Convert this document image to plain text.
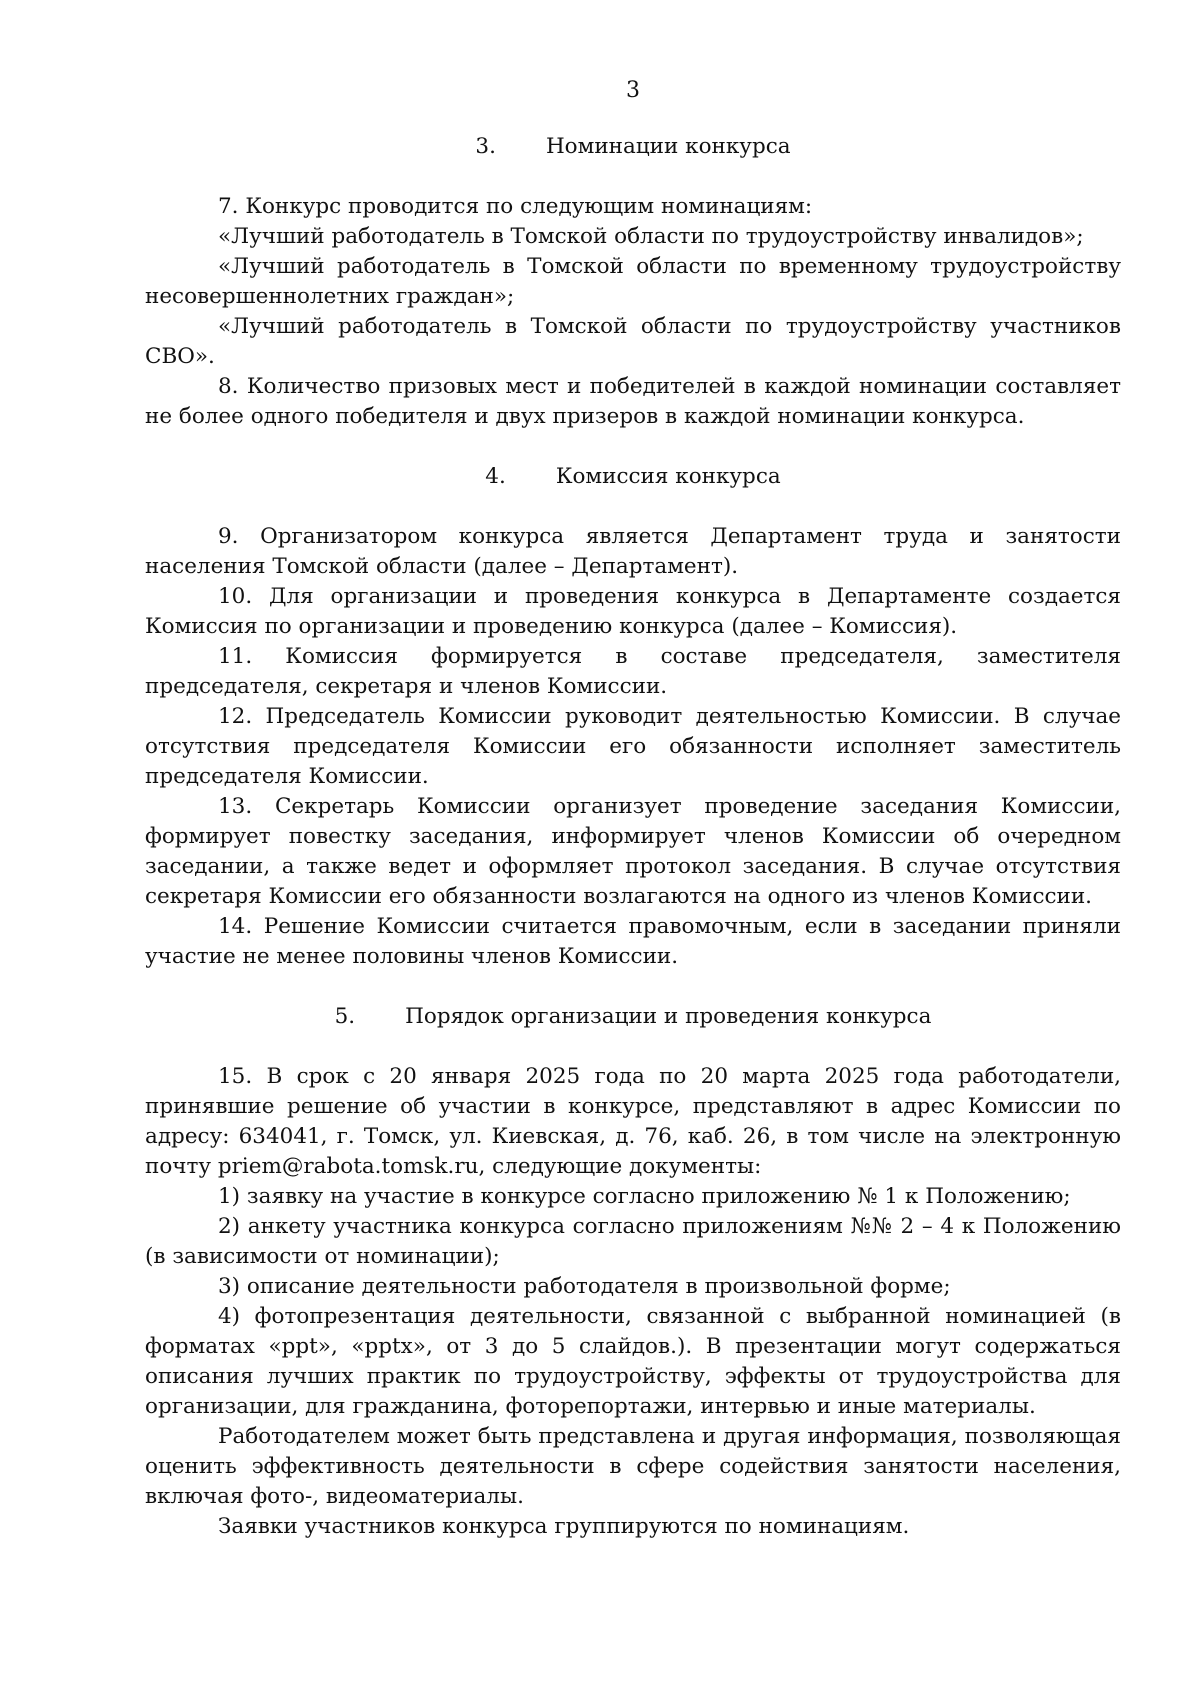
3
3. Номинации конкурса

7. Конкурс проводится по следующим номинациям:

«Лучший работодатель в Томской области по трудоустройству инвалидов»;

«Лучший работодатель в Томской области по временному трудоустройству несовершеннолетних граждан»;

«Лучший работодатель в Томской области по трудоустройству участников СВО».

8. Количество призовых мест и победителей в каждой номинации составляет не более одного победителя и двух призеров в каждой номинации конкурса.

4. Комиссия конкурса

9. Организатором конкурса является Департамент труда и занятости населения Томской области (далее – Департамент).

10. Для организации и проведения конкурса в Департаменте создается Комиссия по организации и проведению конкурса (далее – Комиссия).

11. Комиссия формируется в составе председателя, заместителя председателя, секретаря и членов Комиссии.

12. Председатель Комиссии руководит деятельностью Комиссии. В случае отсутствия председателя Комиссии его обязанности исполняет заместитель председателя Комиссии.

13. Секретарь Комиссии организует проведение заседания Комиссии, формирует повестку заседания, информирует членов Комиссии об очередном заседании, а также ведет и оформляет протокол заседания. В случае отсутствия секретаря Комиссии его обязанности возлагаются на одного из членов Комиссии.

14. Решение Комиссии считается правомочным, если в заседании приняли участие не менее половины членов Комиссии.

5. Порядок организации и проведения конкурса

15. В срок с 20 января 2025 года по 20 марта 2025 года работодатели, принявшие решение об участии в конкурсе, представляют в адрес Комиссии по адресу: 634041, г. Томск, ул. Киевская, д. 76, каб. 26, в том числе на электронную почту priem@rabota.tomsk.ru, следующие документы:

1) заявку на участие в конкурсе согласно приложению № 1 к Положению;

2) анкету участника конкурса согласно приложениям №№ 2 – 4 к Положению (в зависимости от номинации);

3) описание деятельности работодателя в произвольной форме;

4) фотопрезентация деятельности, связанной с выбранной номинацией (в форматах «ppt», «pptx», от 3 до 5 слайдов.). В презентации могут содержаться описания лучших практик по трудоустройству, эффекты от трудоустройства для организации, для гражданина, фоторепортажи, интервью и иные материалы.

Работодателем может быть представлена и другая информация, позволяющая оценить эффективность деятельности в сфере содействия занятости населения, включая фото-, видеоматериалы.

Заявки участников конкурса группируются по номинациям.
